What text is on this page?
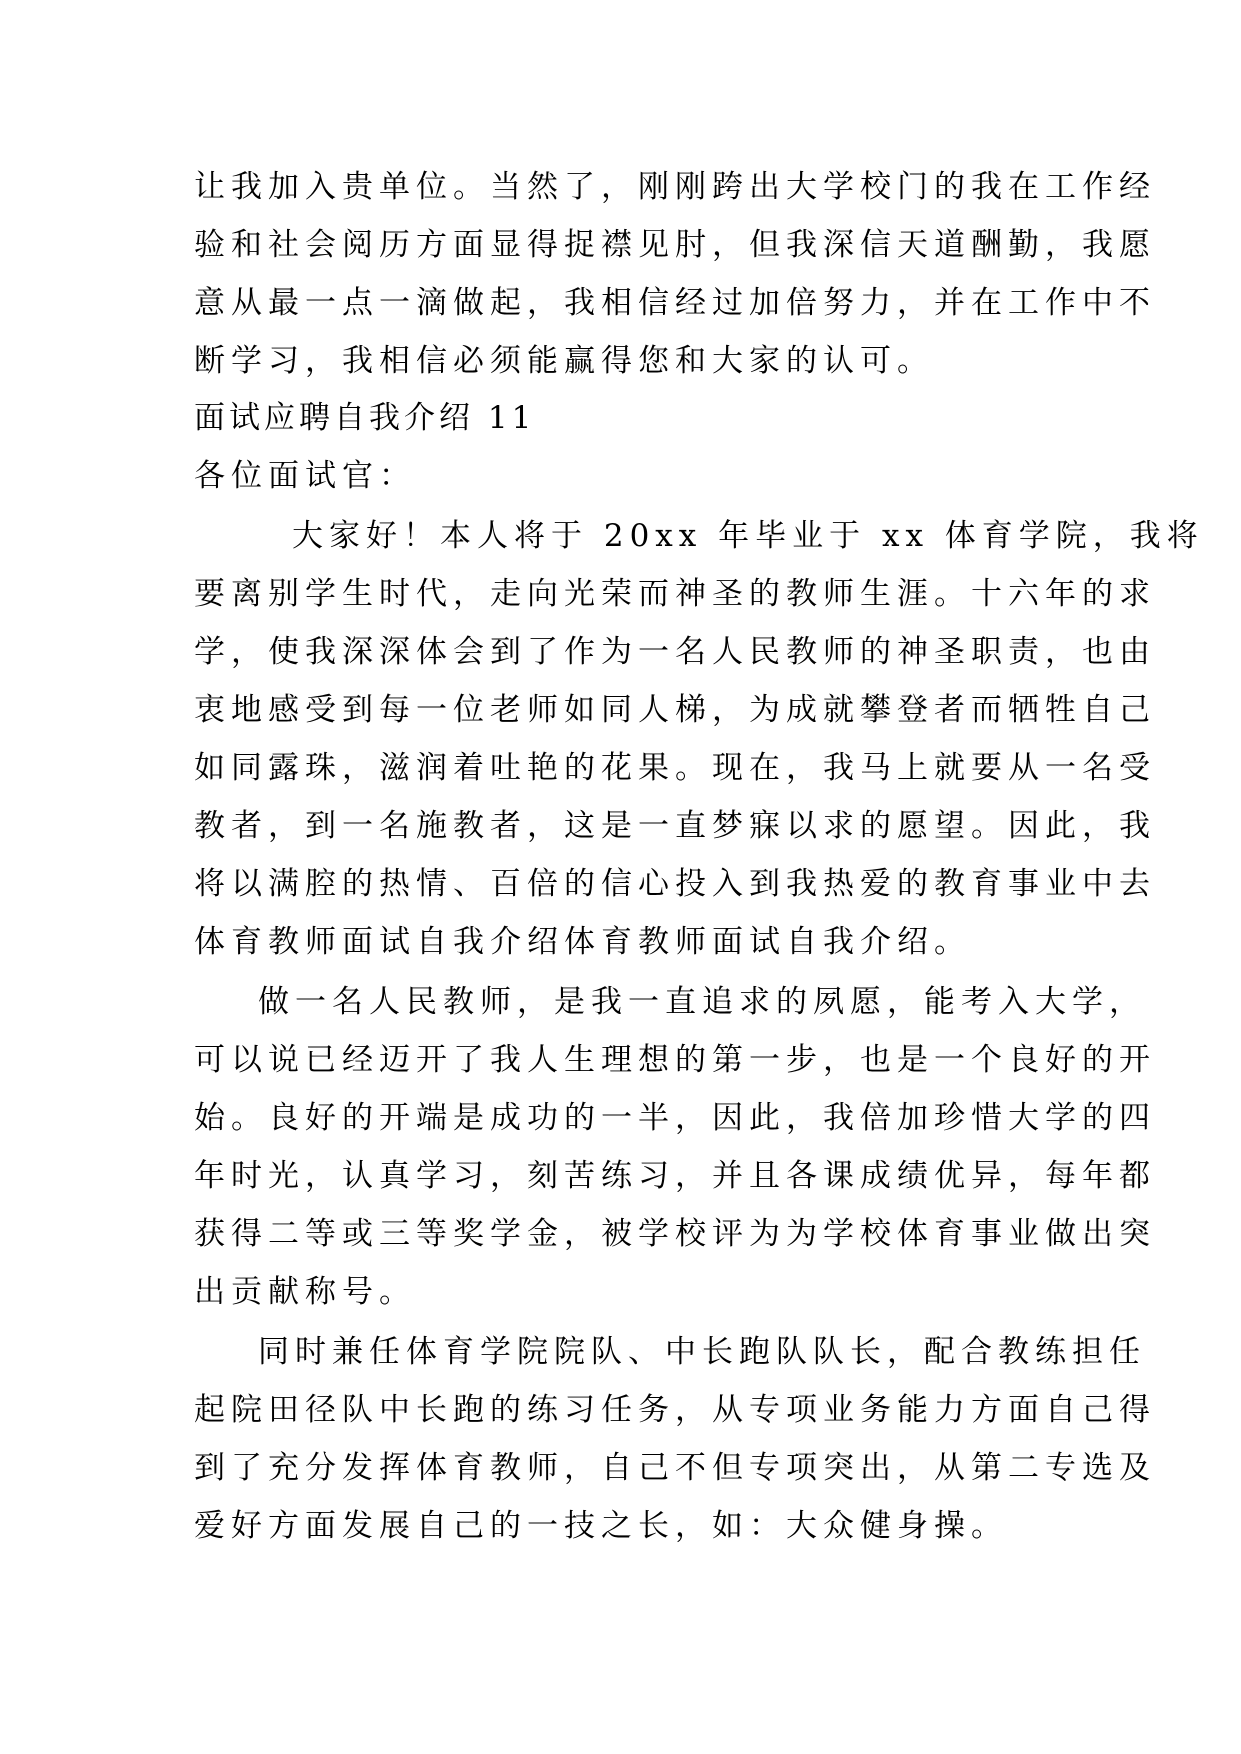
让我加入贵单位。当然了，刚刚跨出大学校门的我在工作经
验和社会阅历方面显得捉襟见肘，但我深信天道酬勤，我愿
意从最一点一滴做起，我相信经过加倍努力，并在工作中不
断学习，我相信必须能赢得您和大家的认可。
面试应聘自我介绍 11
各位面试官：
大家好！本人将于 20xx 年毕业于 xx 体育学院，我将
要离别学生时代，走向光荣而神圣的教师生涯。十六年的求
学，使我深深体会到了作为一名人民教师的神圣职责，也由
衷地感受到每一位老师如同人梯，为成就攀登者而牺牲自己
如同露珠，滋润着吐艳的花果。现在，我马上就要从一名受
教者，到一名施教者，这是一直梦寐以求的愿望。因此，我
将以满腔的热情、百倍的信心投入到我热爱的教育事业中去
体育教师面试自我介绍体育教师面试自我介绍。
做一名人民教师，是我一直追求的夙愿，能考入大学，
可以说已经迈开了我人生理想的第一步，也是一个良好的开
始。良好的开端是成功的一半，因此，我倍加珍惜大学的四
年时光，认真学习，刻苦练习，并且各课成绩优异，每年都
获得二等或三等奖学金，被学校评为为学校体育事业做出突
出贡献称号。
同时兼任体育学院院队、中长跑队队长，配合教练担任
起院田径队中长跑的练习任务，从专项业务能力方面自己得
到了充分发挥体育教师，自己不但专项突出，从第二专选及
爱好方面发展自己的一技之长，如：大众健身操。
